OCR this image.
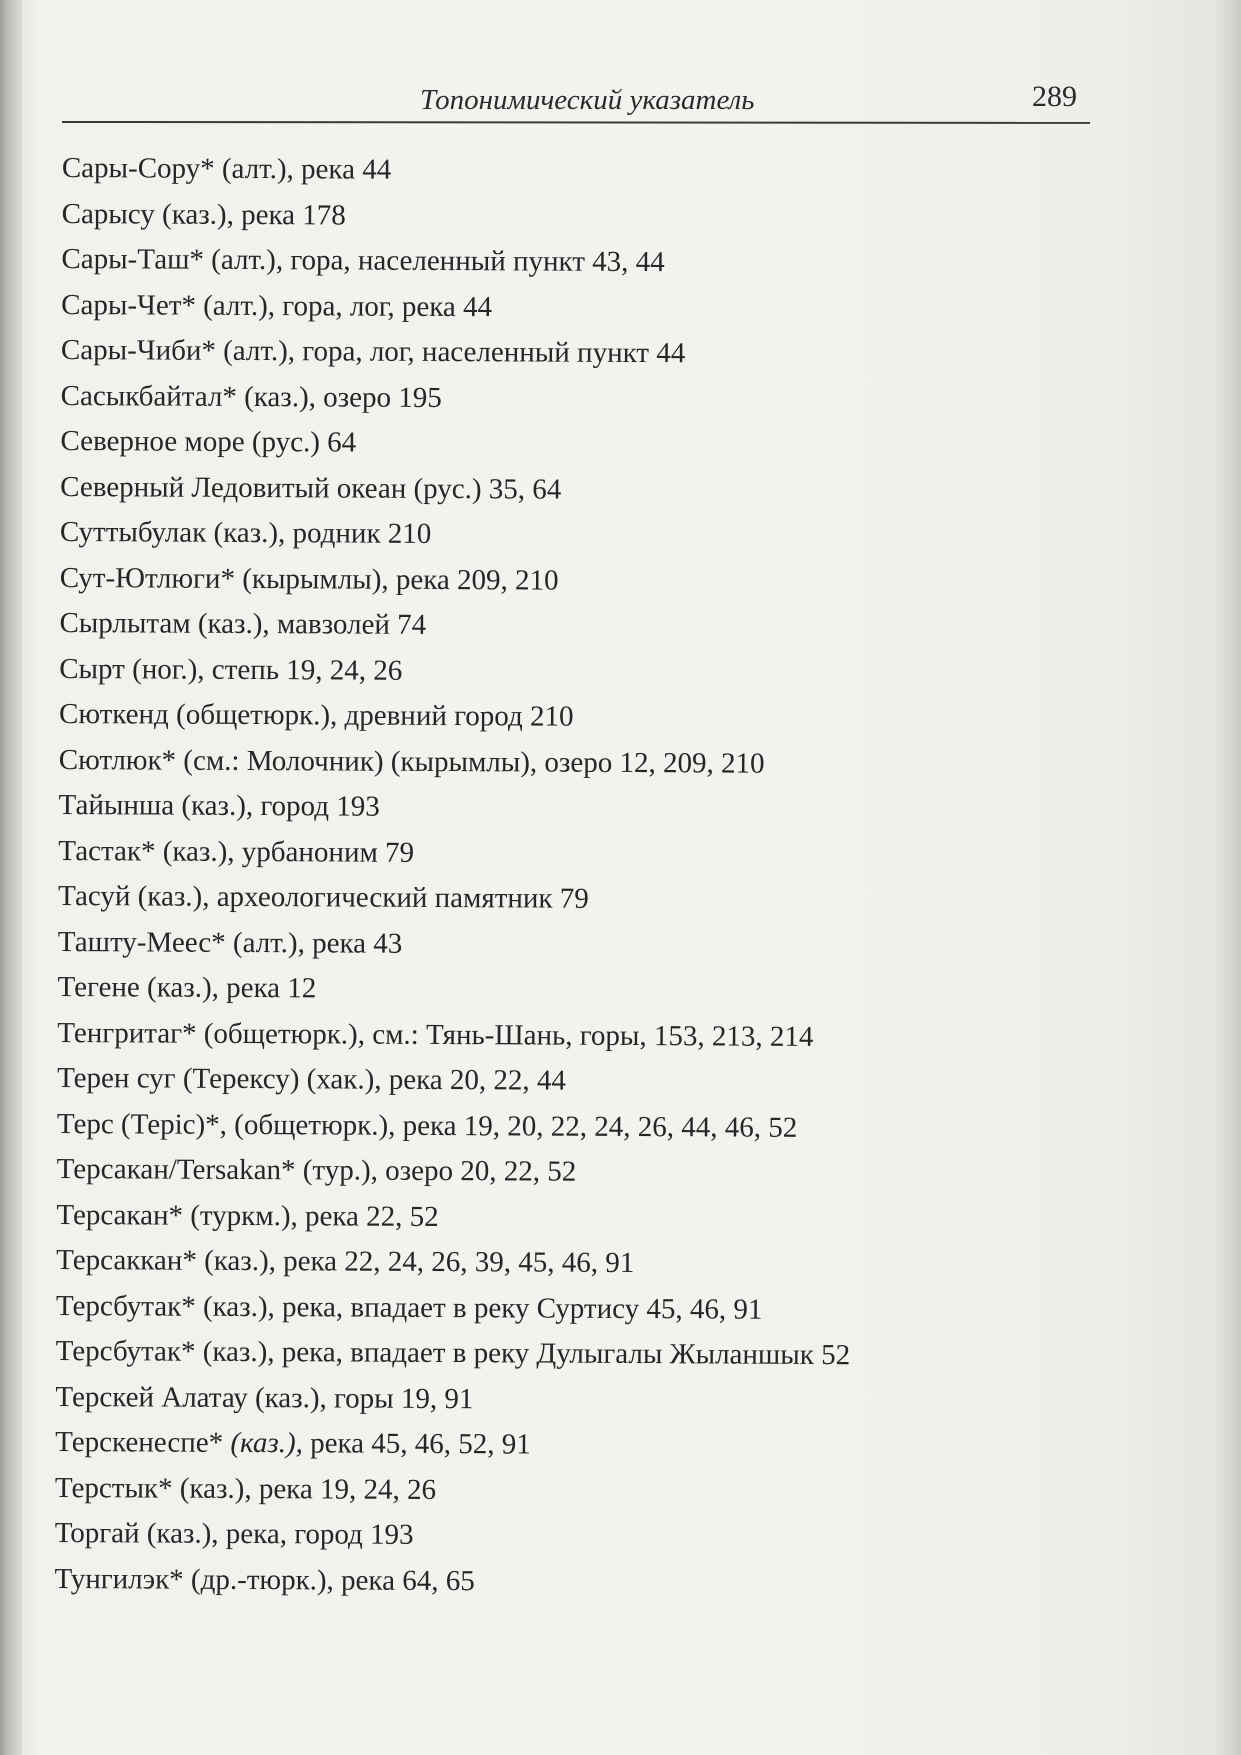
Топонимический указатель	289
Сары-Сору* (алт.), река 44
Сарысу (каз.), река 178
Сары-Таш* (алт.), гора, населенный пункт 43, 44
Сары-Чет* (алт.), гора, лог, река 44
Сары-Чиби* (алт.), гора, лог, населенный пункт 44
Сасыкбайтал* (каз.), озеро 195
Северное море (рус.) 64
Северный Ледовитый океан (рус.) 35, 64
Суттыбулак (каз.), родник 210
Сут-Ютлюги* (кырымлы), река 209, 210
Сырлытам (каз.), мавзолей 74
Сырт (ног.), степь 19, 24, 26
Сюткенд (общетюрк.), древний город 210
Сютлюк* (см.: Молочник) (кырымлы), озеро 12, 209, 210
Тайынша (каз.), город 193
Тастак* (каз.), урбаноним 79
Тасуй (каз.), археологический памятник 79
Ташту-Меес* (алт.), река 43
Тегене (каз.), река 12
Тенгритаг* (общетюрк.), см.: Тянь-Шань, горы, 153, 213, 214
Терен суг (Терексу) (хак.), река 20, 22, 44
Терс (Теріс)*, (общетюрк.), река 19, 20, 22, 24, 26, 44, 46, 52
Терсакан/Tersakan* (тур.), озеро 20, 22, 52
Терсакан* (туркм.), река 22, 52
Терсаккан* (каз.), река 22, 24, 26, 39, 45, 46, 91
Терсбутак* (каз.), река, впадает в реку Суртису 45, 46, 91
Терсбутак* (каз.), река, впадает в реку Дулыгалы Жыланшык 52
Терскей Алатау (каз.), горы 19, 91
Терскенеспе* (каз.), река 45, 46, 52, 91
Терстык* (каз.), река 19, 24, 26
Торгай (каз.), река, город 193
Тунгилэк* (др.-тюрк.), река 64, 65
